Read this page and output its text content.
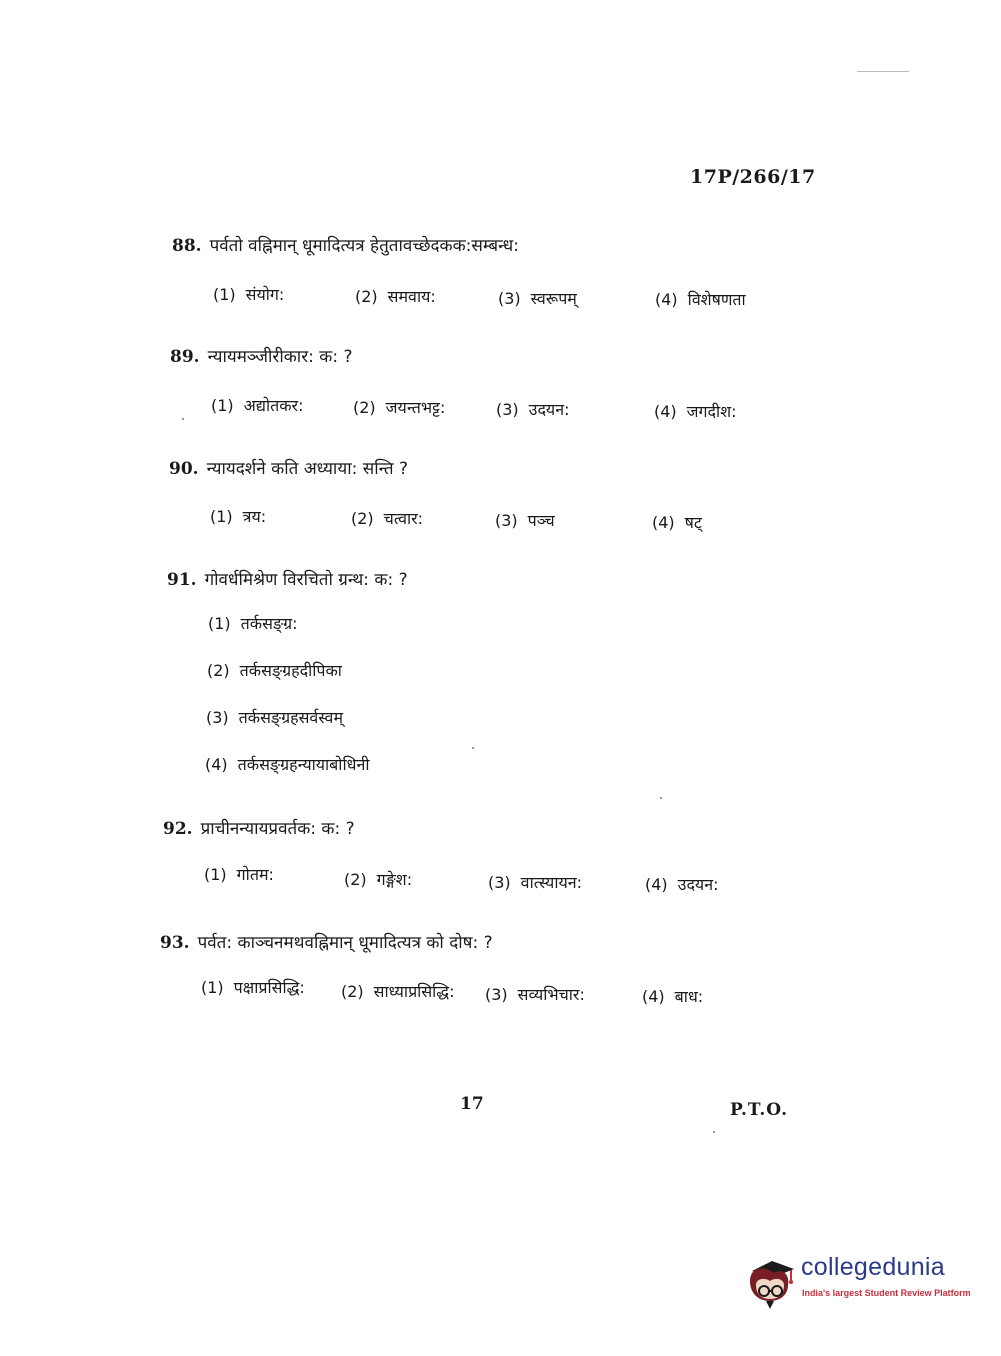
17P/266/17
88. पर्वतो वह्निमान् धूमादित्यत्र हेतुतावच्छेदकक:सम्बन्ध:
(1) संयोग:	(2) समवाय:	(3) स्वरूपम्	(4) विशेषणता
89. न्यायमञ्जीरीकार: क: ?
(1) अद्योतकर:	(2) जयन्तभट्ट:	(3) उदयन:	(4) जगदीश:
90. न्यायदर्शने कति अध्याया: सन्ति ?
(1) त्रय:	(2) चत्वार:	(3) पञ्च	(4) षट्
91. गोवर्धमिश्रेण विरचितो ग्रन्थ: क: ?
(1) तर्कसङ्ग्र:
(2) तर्कसङ्ग्रहदीपिका
(3) तर्कसङ्ग्रहसर्वस्वम्
(4) तर्कसङ्ग्रहन्यायाबोधिनी
92. प्राचीनन्यायप्रवर्तक: क: ?
(1) गोतम:	(2) गङ्गेश:	(3) वात्स्यायन:	(4) उदयन:
93. पर्वत: काञ्चनमथवह्निमान् धूमादित्यत्र को दोष: ?
(1) पक्षाप्रसिद्धि: (2) साध्याप्रसिद्धि: (3) सव्यभिचार:	(4) बाध:
17	P.T.O.
collegedunia
India's largest Student Review Platform
